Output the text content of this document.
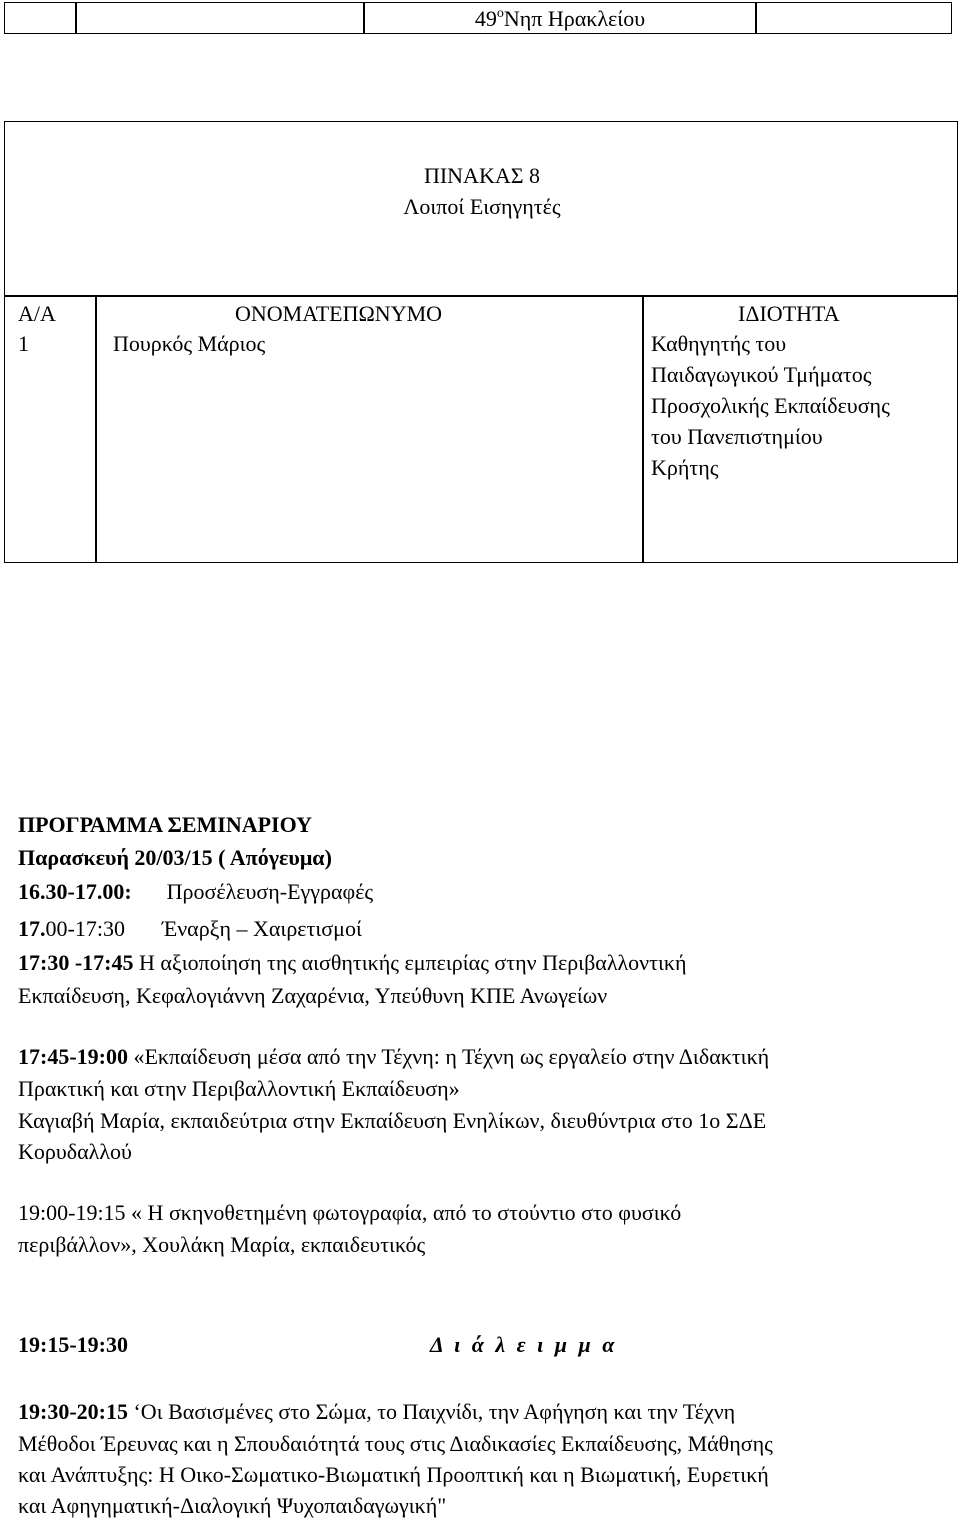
$49^oN\eta\pi$ Ηρακλείου
ΠΙΝΑΚΑΣ 8
Λοιποί Εισηγητές
Α/Α	ΟΝΟΜΑΤΕΠΩΝΥΜΟ	ΙΔΙΟΤΗΤΑ
1	Πουρκός Μάριος	Καθηγητής του
Παιδαγωγικού Τμήματος
Προσχολικής Εκπαίδευσης
του Πανεπιστημίου
Κρήτης
ΠΡΟΓΡΑΜΜΑ ΣΕΜΙΝΑΡΙΟΥ
Παρασκευή 20/03/15 ( Απόγευμα)
16.30-17.00: Προσέλευση-Εγγραφές
17.00-17:30 Έναρξη – Χαιρετισμοί
17:30 -17:45 Η αξιοποίηση της αισθητικής εμπειρίας στην Περιβαλλοντική
Εκπαίδευση, Κεφαλογιάννη Ζαχαρένια, Υπεύθυνη ΚΠΕ Ανωγείων
17:45-19:00 «Εκπαίδευση μέσα από την Τέχνη: η Τέχνη ως εργαλείο στην Διδακτική
Πρακτική και στην Περιβαλλοντική Εκπαίδευση»
Καγιαβή Μαρία, εκπαιδεύτρια στην Εκπαίδευση Ενηλίκων, διευθύντρια στο 1ο ΣΔΕ
Κορυδαλλού
19:00-19:15 « Η σκηνοθετημένη φωτογραφία, από το στούντιο στο φυσικό
περιβάλλον», Χουλάκη Μαρία, εκπαιδευτικός
19:15-19:30	Δ ι ά λ ε ι μ μ α
19:30-20:15 ‘Οι Βασισμένες στο Σώμα, το Παιχνίδι, την Αφήγηση και την Τέχνη
Μέθοδοι Έρευνας και η Σπουδαιότητά τους στις Διαδικασίες Εκπαίδευσης, Μάθησης
και Ανάπτυξης: Η Οικο-Σωματικο-Βιωματική Προοπτική και η Βιωματική, Ευρετική
και Αφηγηματική-Διαλογική Ψυχοπαιδαγωγική"
